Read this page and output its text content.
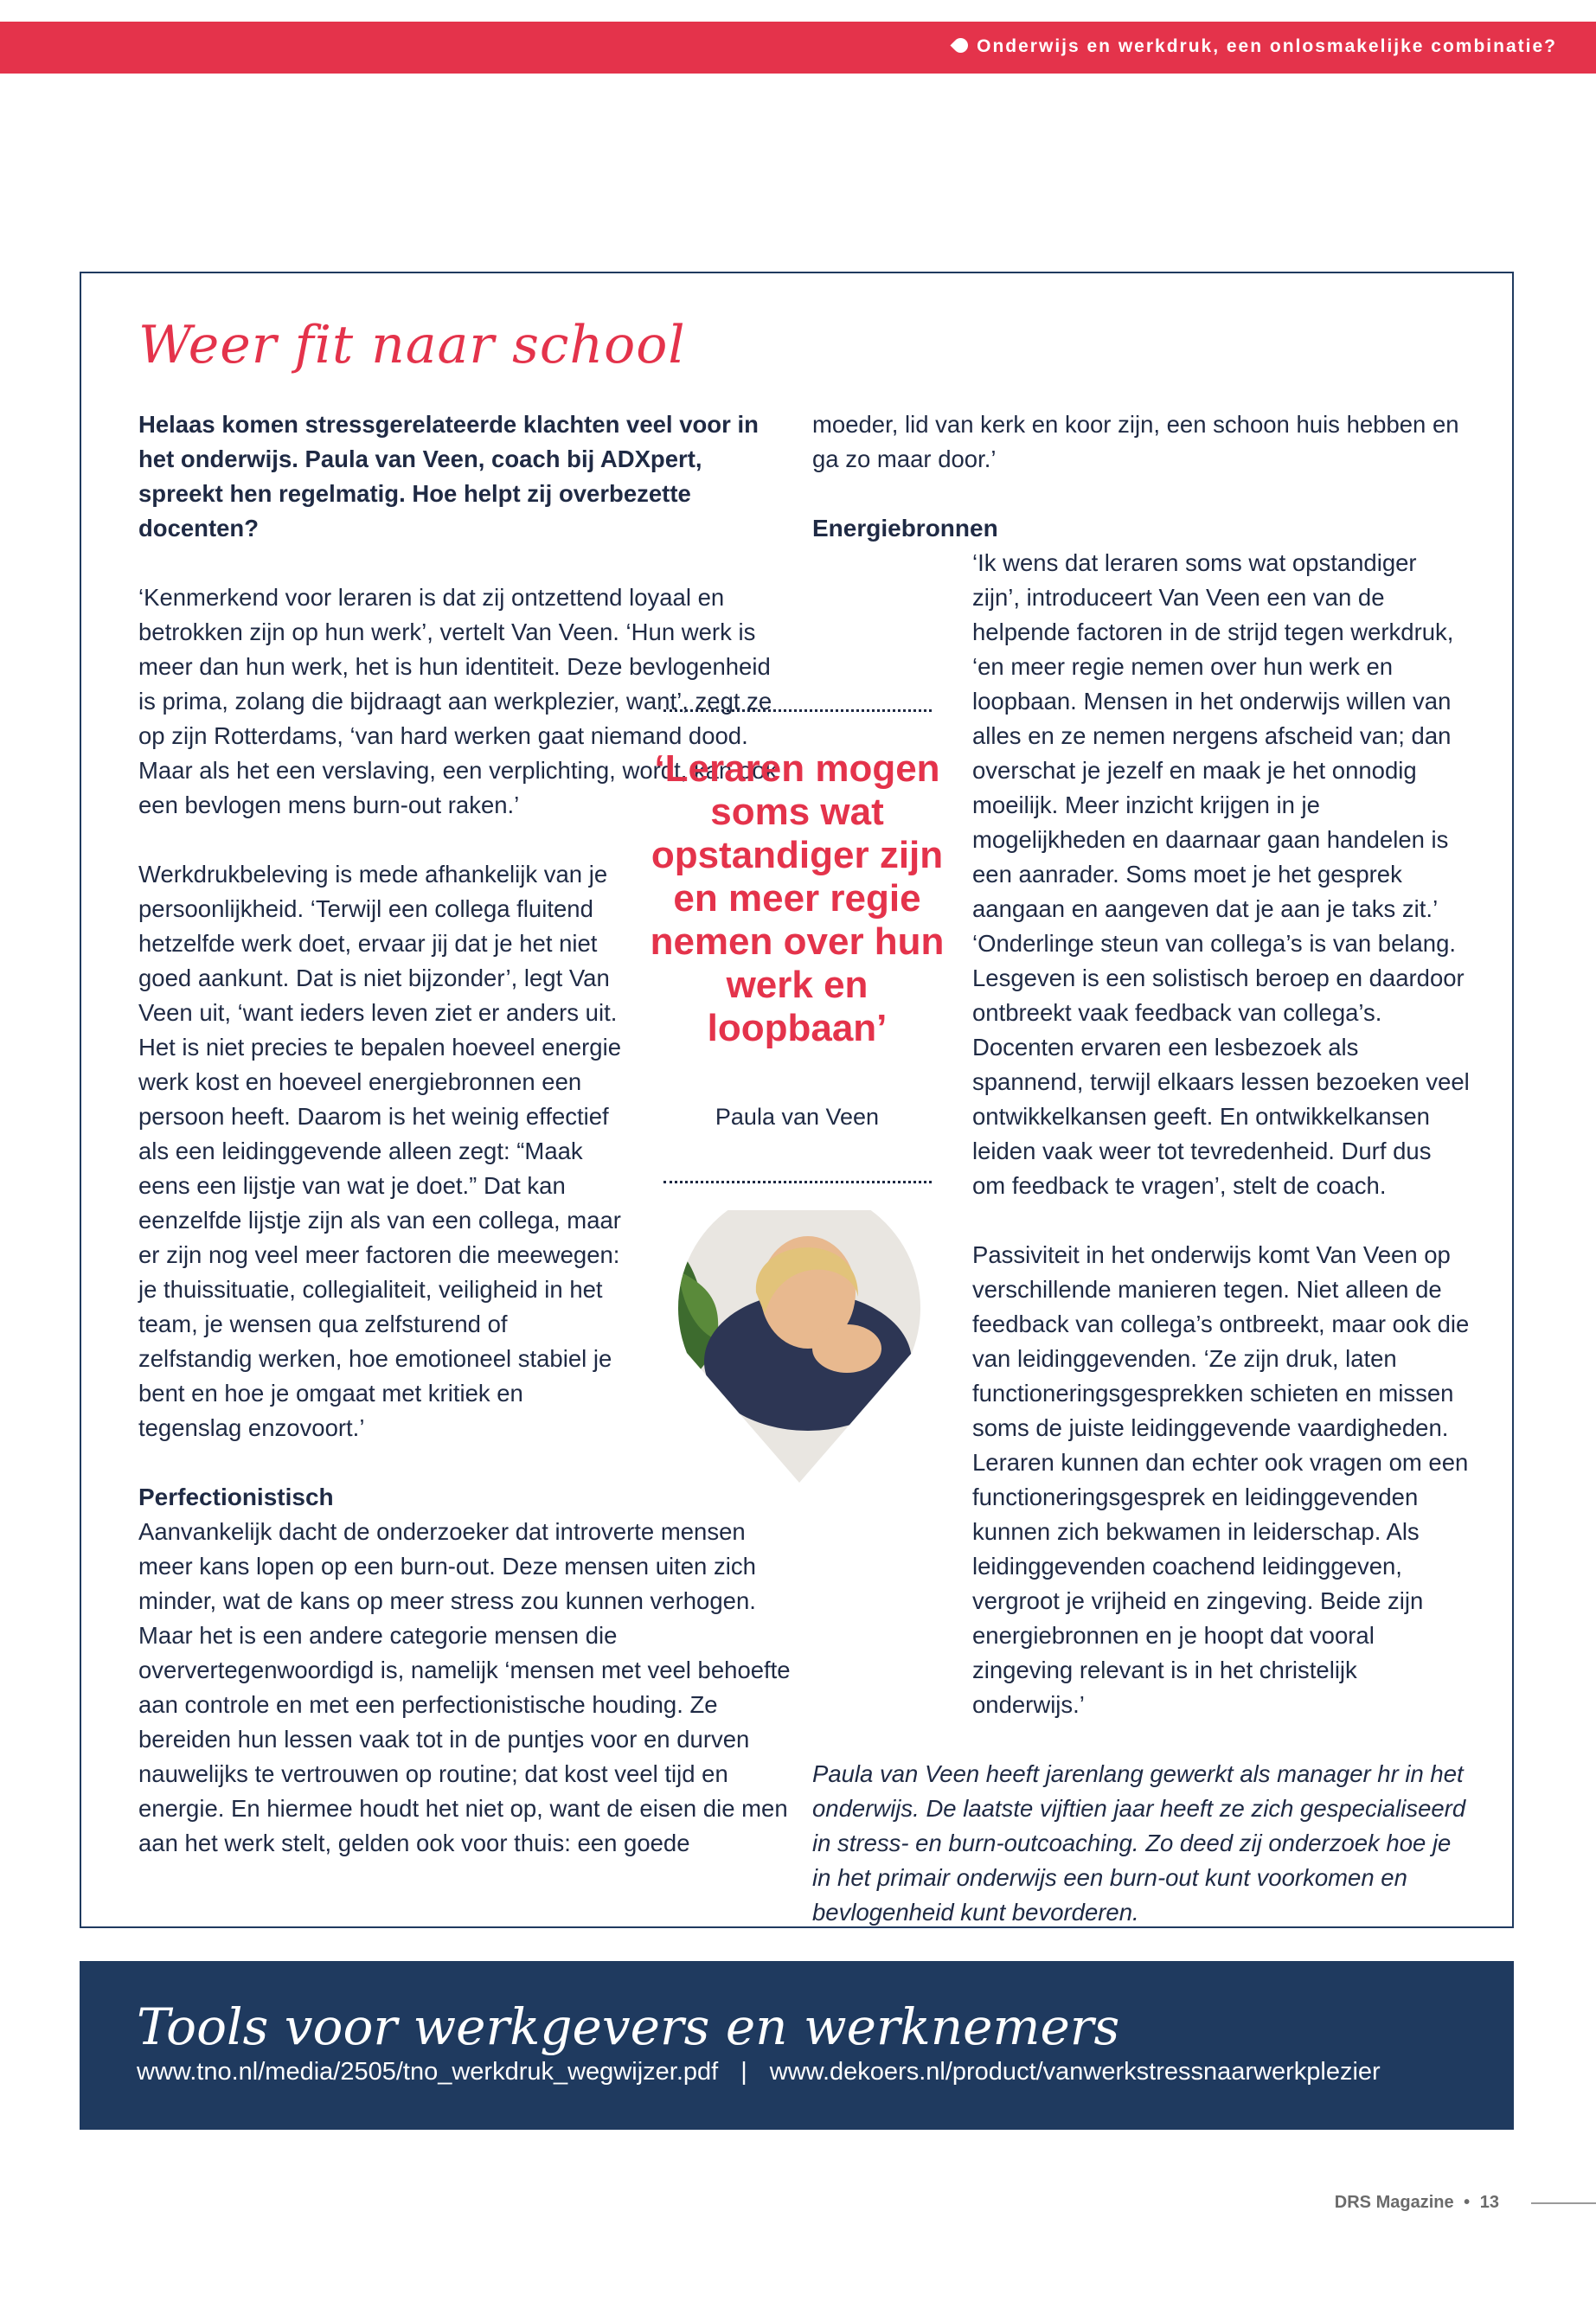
Onderwijs en werkdruk, een onlosmakelijke combinatie?
Weer fit naar school

Helaas komen stressgerelateerde klachten veel voor in het onderwijs. Paula van Veen, coach bij ADXpert, spreekt hen regelmatig. Hoe helpt zij overbezette docenten?

‘Kenmerkend voor leraren is dat zij ontzettend loyaal en betrokken zijn op hun werk’, vertelt Van Veen. ‘Hun werk is meer dan hun werk, het is hun identiteit. Deze bevlogenheid is prima, zolang die bijdraagt aan werkplezier, want’, zegt ze op zijn Rotterdams, ‘van hard werken gaat niemand dood. Maar als het een verslaving, een verplichting, wordt, kan ook een bevlogen mens burn-out raken.’

Werkdrukbeleving is mede afhankelijk van je persoonlijkheid. ‘Terwijl een collega fluitend hetzelfde werk doet, ervaar jij dat je het niet goed aankunt. Dat is niet bijzonder’, legt Van Veen uit, ‘want ieders leven ziet er anders uit. Het is niet precies te bepalen hoeveel energie werk kost en hoeveel energiebronnen een persoon heeft. Daarom is het weinig effectief als een leidinggevende alleen zegt: “Maak eens een lijstje van wat je doet.” Dat kan eenzelfde lijstje zijn als van een collega, maar er zijn nog veel meer factoren die meewegen: je thuissituatie, collegialiteit, veiligheid in het team, je wensen qua zelfsturend of zelfstandig werken, hoe emotioneel stabiel je bent en hoe je omgaat met kritiek en tegenslag enzovoort.’

Perfectionistisch

Aanvankelijk dacht de onderzoeker dat introverte mensen meer kans lopen op een burn-out. Deze mensen uiten zich minder, wat de kans op meer stress zou kunnen verhogen. Maar het is een andere categorie mensen die oververtegenwoordigd is, namelijk ‘mensen met veel behoefte aan controle en met een perfectionistische houding. Ze bereiden hun lessen vaak tot in de puntjes voor en durven nauwelijks te vertrouwen op routine; dat kost veel tijd en energie. En hiermee houdt het niet op, want de eisen die men aan het werk stelt, gelden ook voor thuis: een goede

moeder, lid van kerk en koor zijn, een schoon huis hebben en ga zo maar door.’

Energiebronnen

‘Ik wens dat leraren soms wat opstandiger zijn’, introduceert Van Veen een van de helpende factoren in de strijd tegen werkdruk, ‘en meer regie nemen over hun werk en loopbaan. Mensen in het onderwijs willen van alles en ze nemen nergens afscheid van; dan overschat je jezelf en maak je het onnodig moeilijk. Meer inzicht krijgen in je mogelijkheden en daarnaar gaan handelen is een aanrader. Soms moet je het gesprek aangaan en aangeven dat je aan je taks zit.’ ‘Onderlinge steun van collega’s is van belang. Lesgeven is een solistisch beroep en daardoor ontbreekt vaak feedback van collega’s. Docenten ervaren een lesbezoek als spannend, terwijl elkaars lessen bezoeken veel ontwikkelkansen geeft. En ontwikkelkansen leiden vaak weer tot tevredenheid. Durf dus om feedback te vragen’, stelt de coach.

Passiviteit in het onderwijs komt Van Veen op verschillende manieren tegen. Niet alleen de feedback van collega’s ontbreekt, maar ook die van leidinggevenden. ‘Ze zijn druk, laten functioneringsgesprekken schieten en missen soms de juiste leidinggevende vaardigheden. Leraren kunnen dan echter ook vragen om een functioneringsgesprek en leidinggevenden kunnen zich bekwamen in leiderschap. Als leidinggevenden coachend leidinggeven, vergroot je vrijheid en zingeving. Beide zijn energiebronnen en je hoopt dat vooral zingeving relevant is in het christelijk onderwijs.’

Paula van Veen heeft jarenlang gewerkt als manager hr in het onderwijs. De laatste vijftien jaar heeft ze zich gespecialiseerd in stress- en burn-outcoaching. Zo deed zij onderzoek hoe je in het primair onderwijs een burn-out kunt voorkomen en bevlogenheid kunt bevorderen.

‘Leraren mogen soms wat opstandiger zijn en meer regie nemen over hun werk en loopbaan’
Paula van Veen
Tools voor werkgevers en werknemers
www.tno.nl/media/2505/tno_werkdruk_wegwijzer.pdf | www.dekoers.nl/product/vanwerkstressnaarwerkplezier
DRS Magazine • 13
